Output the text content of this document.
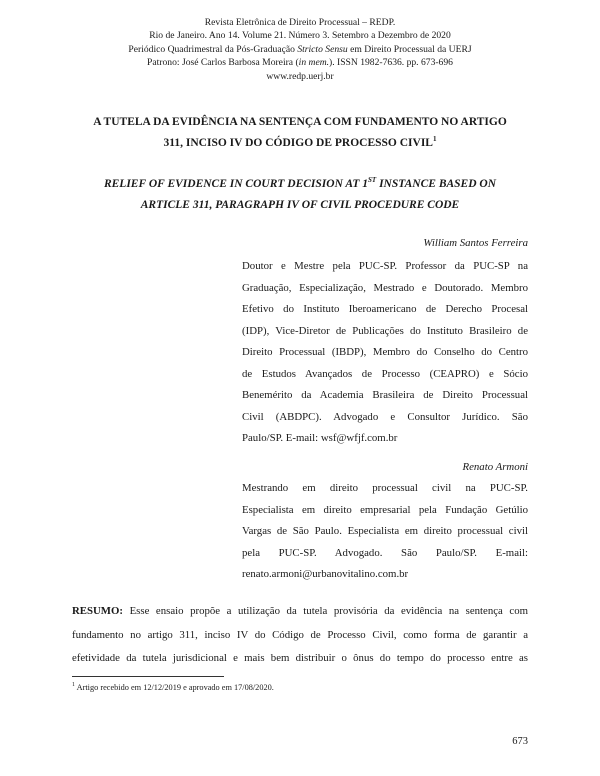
Revista Eletrônica de Direito Processual – REDP.
Rio de Janeiro. Ano 14. Volume 21. Número 3. Setembro a Dezembro de 2020
Periódico Quadrimestral da Pós-Graduação Stricto Sensu em Direito Processual da UERJ
Patrono: José Carlos Barbosa Moreira (in mem.). ISSN 1982-7636. pp. 673-696
www.redp.uerj.br
A TUTELA DA EVIDÊNCIA NA SENTENÇA COM FUNDAMENTO NO ARTIGO
311, INCISO IV DO CÓDIGO DE PROCESSO CIVIL$^1$
RELIEF OF EVIDENCE IN COURT DECISION AT 1ST INSTANCE BASED ON
ARTICLE 311, PARAGRAPH IV OF CIVIL PROCEDURE CODE
William Santos Ferreira
Doutor e Mestre pela PUC-SP. Professor da PUC-SP na
Graduação, Especialização, Mestrado e Doutorado. Membro
Efetivo do Instituto Iberoamericano de Derecho Procesal
(IDP), Vice-Diretor de Publicações do Instituto Brasileiro de
Direito Processual (IBDP), Membro do Conselho do Centro
de Estudos Avançados de Processo (CEAPRO) e Sócio
Benemérito da Academia Brasileira de Direito Processual
Civil (ABDPC). Advogado e Consultor Jurídico. São
Paulo/SP. E-mail: wsf@wfjf.com.br
Renato Armoni
Mestrando em direito processual civil na PUC-SP.
Especialista em direito empresarial pela Fundação Getúlio
Vargas de São Paulo. Especialista em direito processual civil
pela PUC-SP. Advogado. São Paulo/SP. E-mail:
renato.armoni@urbanovitalino.com.br
RESUMO: Esse ensaio propõe a utilização da tutela provisória da evidência na sentença com
fundamento no artigo 311, inciso IV do Código de Processo Civil, como forma de garantir a
efetividade da tutela jurisdicional e mais bem distribuir o ônus do tempo do processo entre as
$^1$ Artigo recebido em 12/12/2019 e aprovado em 17/08/2020.
673
